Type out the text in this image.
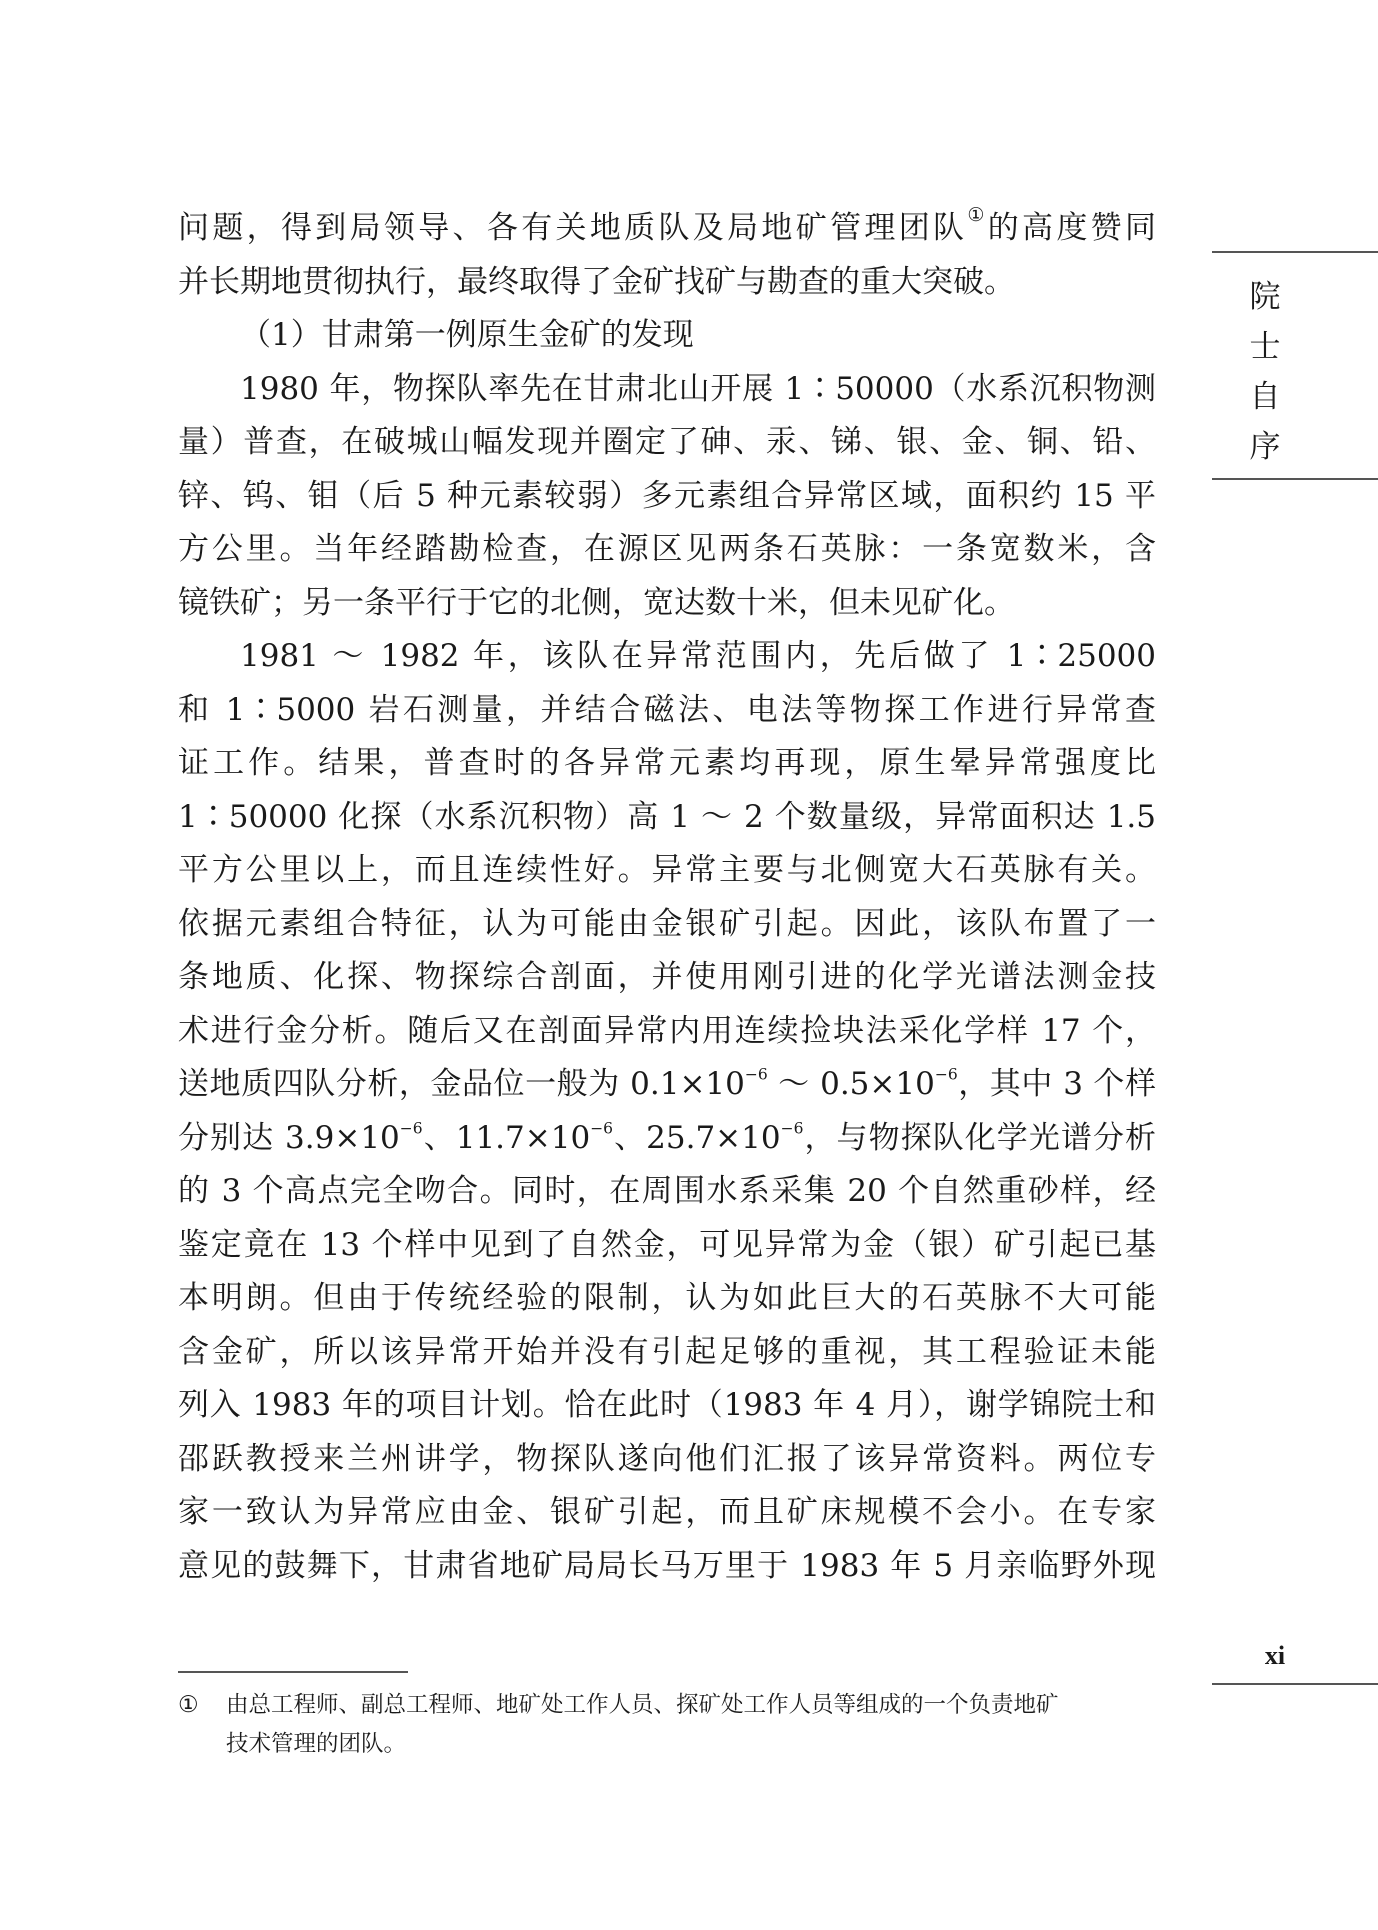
问题，得到局领导、各有关地质队及局地矿管理团队①的高度赞同
并长期地贯彻执行，最终取得了金矿找矿与勘查的重大突破。
（1）甘肃第一例原生金矿的发现
1980 年，物探队率先在甘肃北山开展 1∶50000（水系沉积物测
量）普查，在破城山幅发现并圈定了砷、汞、锑、银、金、铜、铅、
锌、钨、钼（后 5 种元素较弱）多元素组合异常区域，面积约 15 平
方公里。当年经踏勘检查，在源区见两条石英脉：一条宽数米，含
镜铁矿；另一条平行于它的北侧，宽达数十米，但未见矿化。
1981 ～ 1982 年，该队在异常范围内，先后做了 1∶25000
和 1∶5000 岩石测量，并结合磁法、电法等物探工作进行异常查
证工作。结果，普查时的各异常元素均再现，原生晕异常强度比
1∶50000 化探（水系沉积物）高 1 ～ 2 个数量级，异常面积达 1.5
平方公里以上，而且连续性好。异常主要与北侧宽大石英脉有关。
依据元素组合特征，认为可能由金银矿引起。因此，该队布置了一
条地质、化探、物探综合剖面，并使用刚引进的化学光谱法测金技
术进行金分析。随后又在剖面异常内用连续捡块法采化学样 17 个，
送地质四队分析，金品位一般为 $0.1\times 10^{-6}$ ～ $0.5\times 10^{-6}$，其中 3 个样
分别达 $3.9\times 10^{-6}$、$11.7\times 10^{-6}$、$25.7\times 10^{-6}$，与物探队化学光谱分析
的 3 个高点完全吻合。同时，在周围水系采集 20 个自然重砂样，经
鉴定竟在 13 个样中见到了自然金，可见异常为金（银）矿引起已基
本明朗。但由于传统经验的限制，认为如此巨大的石英脉不大可能
含金矿，所以该异常开始并没有引起足够的重视，其工程验证未能
列入 1983 年的项目计划。恰在此时（1983 年 4 月），谢学锦院士和
邵跃教授来兰州讲学，物探队遂向他们汇报了该异常资料。两位专
家一致认为异常应由金、银矿引起，而且矿床规模不会小。在专家
意见的鼓舞下，甘肃省地矿局局长马万里于 1983 年 5 月亲临野外现
院
士
自
序
xi
① 由总工程师、副总工程师、地矿处工作人员、探矿处工作人员等组成的一个负责地矿
技术管理的团队。
